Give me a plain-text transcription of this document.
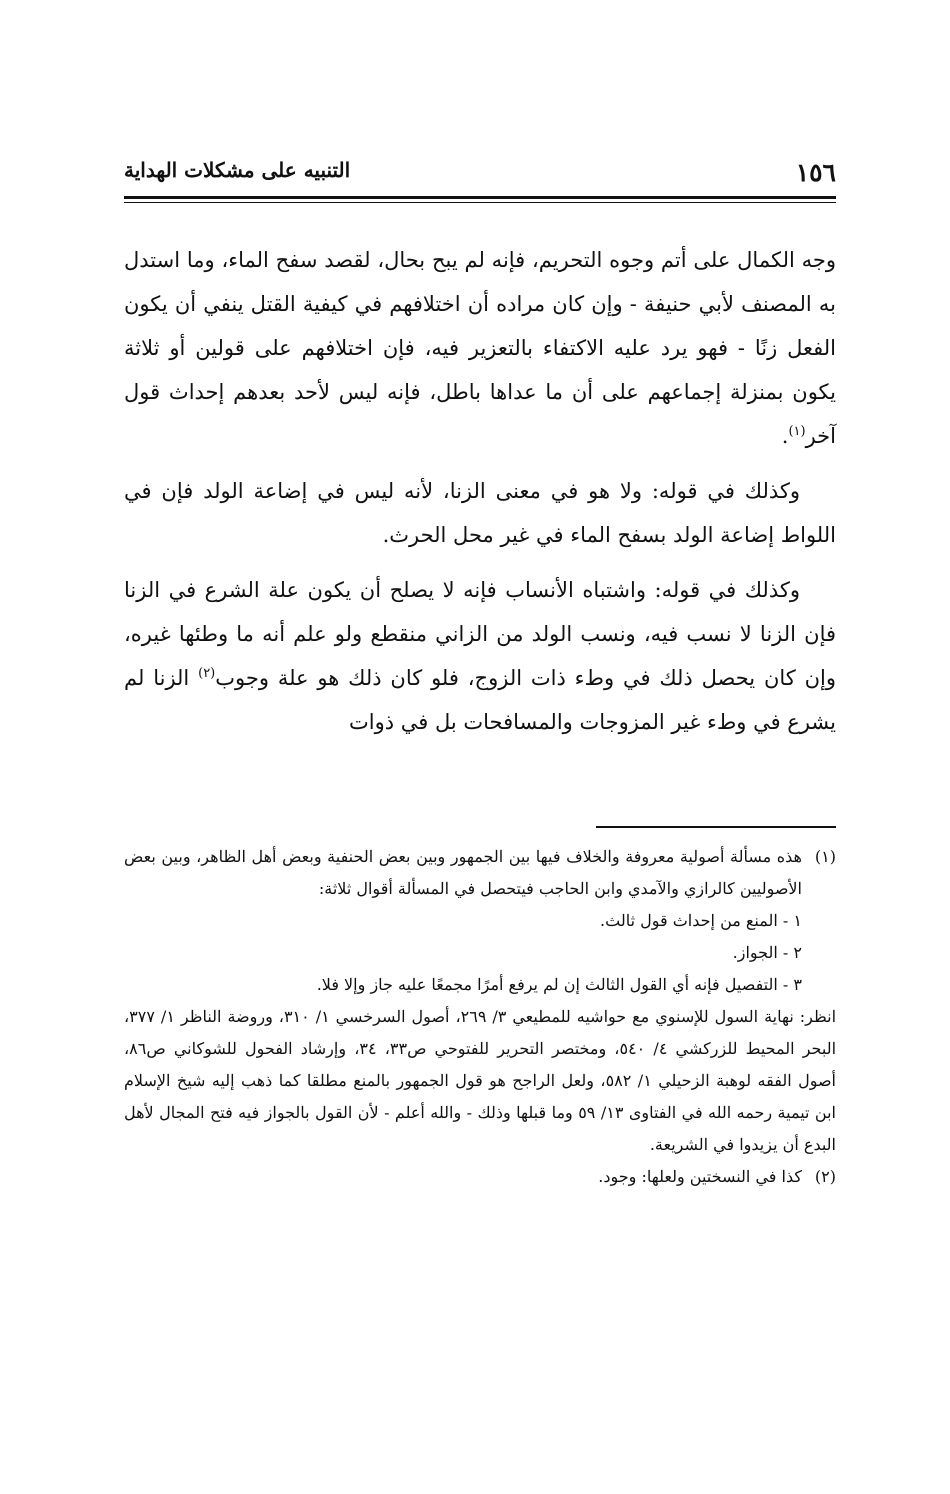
١٥٦
التنبيه على مشكلات الهداية

وجه الكمال على أتم وجوه التحريم، فإنه لم يبح بحال، لقصد سفح الماء، وما استدل به المصنف لأبي حنيفة - وإن كان مراده أن اختلافهم في كيفية القتل ينفي أن يكون الفعل زنًا - فهو يرد عليه الاكتفاء بالتعزير فيه، فإن اختلافهم على قولين أو ثلاثة يكون بمنزلة إجماعهم على أن ما عداها باطل، فإنه ليس لأحد بعدهم إحداث قول آخر$^{(١)}$.

وكذلك في قوله: ولا هو في معنى الزنا، لأنه ليس في إضاعة الولد فإن في اللواط إضاعة الولد بسفح الماء في غير محل الحرث.

وكذلك في قوله: واشتباه الأنساب فإنه لا يصلح أن يكون علة الشرع في الزنا فإن الزنا لا نسب فيه، ونسب الولد من الزاني منقطع ولو علم أنه ما وطئها غيره، وإن كان يحصل ذلك في وطء ذات الزوج، فلو كان ذلك هو علة وجوب$^{(٢)}$ الزنا لم يشرع في وطء غير المزوجات والمسافحات بل في ذوات

(١)
هذه مسألة أصولية معروفة والخلاف فيها بين الجمهور وبين بعض الحنفية وبعض أهل الظاهر، وبين بعض الأصوليين كالرازي والآمدي وابن الحاجب فيتحصل في المسألة أقوال ثلاثة:
١ - المنع من إحداث قول ثالث.
٢ - الجواز.
٣ - التفصيل فإنه أي القول الثالث إن لم يرفع أمرًا مجمعًا عليه جاز وإلا فلا.
انظر: نهاية السول للإسنوي مع حواشيه للمطيعي ٣/ ٢٦٩، أصول السرخسي ١/ ٣١٠، وروضة الناظر ١/ ٣٧٧، البحر المحيط للزركشي ٤/ ٥٤٠، ومختصر التحرير للفتوحي ص٣٣، ٣٤، وإرشاد الفحول للشوكاني ص٨٦، أصول الفقه لوهبة الزحيلي ١/ ٥٨٢، ولعل الراجح هو قول الجمهور بالمنع مطلقا كما ذهب إليه شيخ الإسلام ابن تيمية رحمه الله في الفتاوى ١٣/ ٥٩ وما قبلها وذلك - والله أعلم - لأن القول بالجواز فيه فتح المجال لأهل البدع أن يزيدوا في الشريعة.
(٢)
كذا في النسختين ولعلها: وجود.
